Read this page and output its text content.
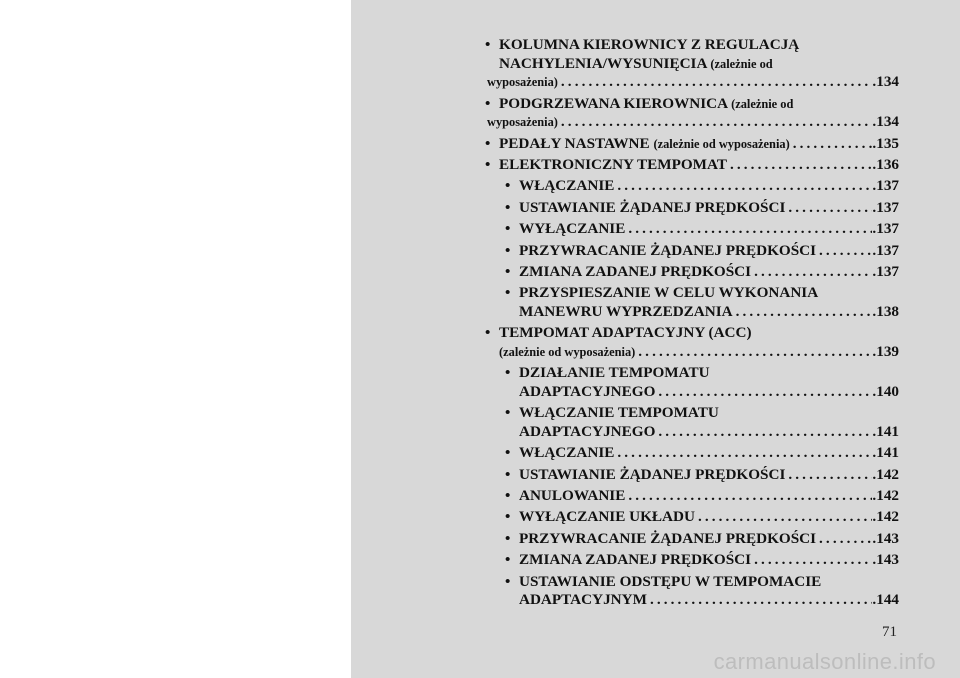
• KOLUMNA KIEROWNICY Z REGULACJĄ
NACHYLENIA/WYSUNIĘCIA (zależnie od
wyposażenia) .....	.134
• PODGRZEWANA KIEROWNICA (zależnie od
wyposażenia) .....	.134
• PEDAŁY NASTAWNE (zależnie od wyposażenia) .....	.135
• ELEKTRONICZNY TEMPOMAT .....	.136
• WŁĄCZANIE .....	.137
• USTAWIANIE ŻĄDANEJ PRĘDKOŚCI .....	.137
• WYŁĄCZANIE .....	.137
• PRZYWRACANIE ŻĄDANEJ PRĘDKOŚCI .....	.137
• ZMIANA ZADANEJ PRĘDKOŚCI .....	.137
• PRZYSPIESZANIE W CELU WYKONANIA
MANEWRU WYPRZEDZANIA .....	.138
• TEMPOMAT ADAPTACYJNY (ACC)
(zależnie od wyposażenia) .....	.139
• DZIAŁANIE TEMPOMATU
ADAPTACYJNEGO .....	.140
• WŁĄCZANIE TEMPOMATU
ADAPTACYJNEGO .....	.141
• WŁĄCZANIE .....	.141
• USTAWIANIE ŻĄDANEJ PRĘDKOŚCI .....	.142
• ANULOWANIE .....	.142
• WYŁĄCZANIE UKŁADU .....	.142
• PRZYWRACANIE ŻĄDANEJ PRĘDKOŚCI .....	.143
• ZMIANA ZADANEJ PRĘDKOŚCI .....	.143
• USTAWIANIE ODSTĘPU W TEMPOMACIE
ADAPTACYJNYM .....	.144
71
carmanualsonline.info
